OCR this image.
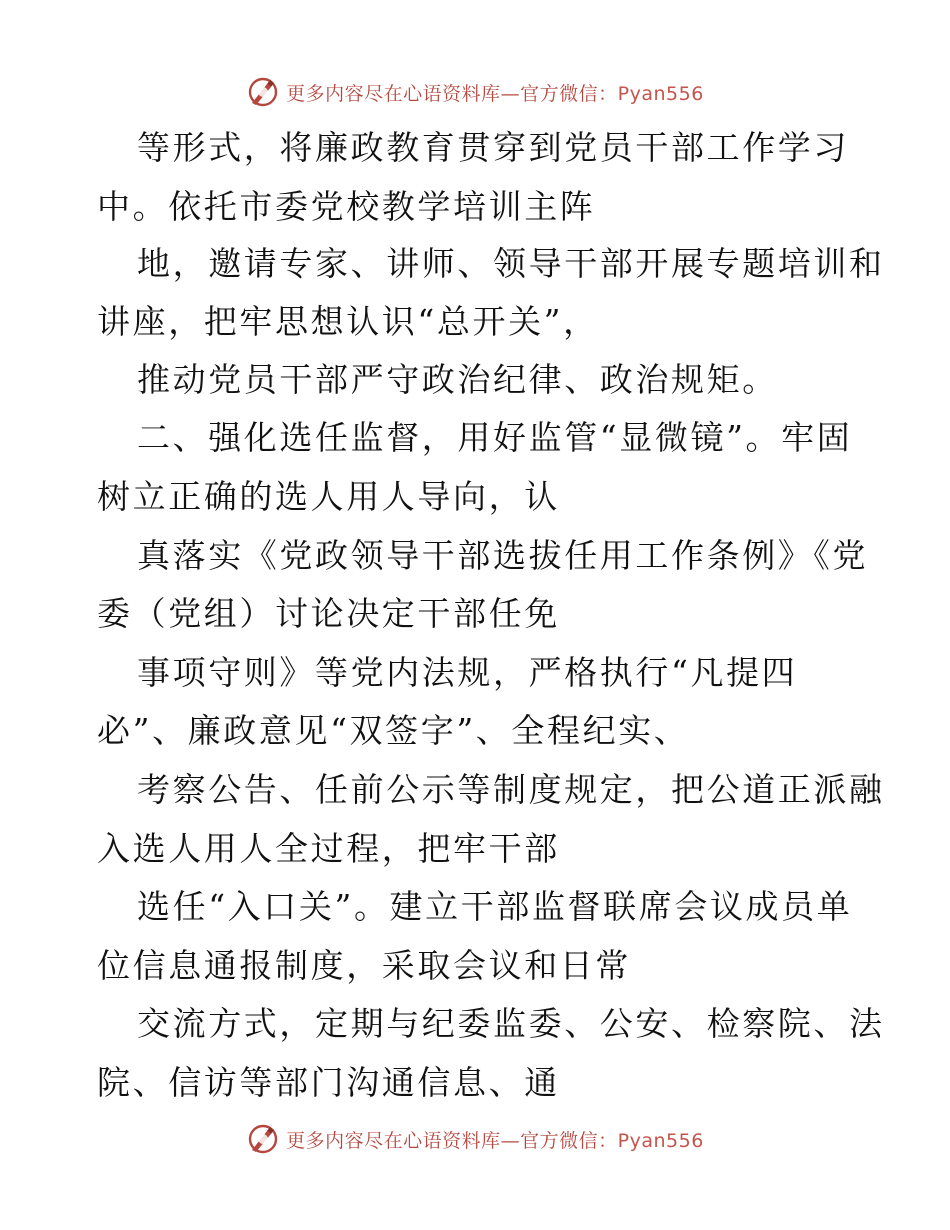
更多内容尽在心语资料库—官方微信：Pyan556
等形式，将廉政教育贯穿到党员干部工作学习
中。依托市委党校教学培训主阵
地，邀请专家、讲师、领导干部开展专题培训和
讲座，把牢思想认识“总开关”，
推动党员干部严守政治纪律、政治规矩。
二、强化选任监督，用好监管“显微镜”。牢固
树立正确的选人用人导向，认
真落实《党政领导干部选拔任用工作条例》《党
委（党组）讨论决定干部任免
事项守则》等党内法规，严格执行“凡提四
必”、廉政意见“双签字”、全程纪实、
考察公告、任前公示等制度规定，把公道正派融
入选人用人全过程，把牢干部
选任“入口关”。建立干部监督联席会议成员单
位信息通报制度，采取会议和日常
交流方式，定期与纪委监委、公安、检察院、法
院、信访等部门沟通信息、通
更多内容尽在心语资料库—官方微信：Pyan556
